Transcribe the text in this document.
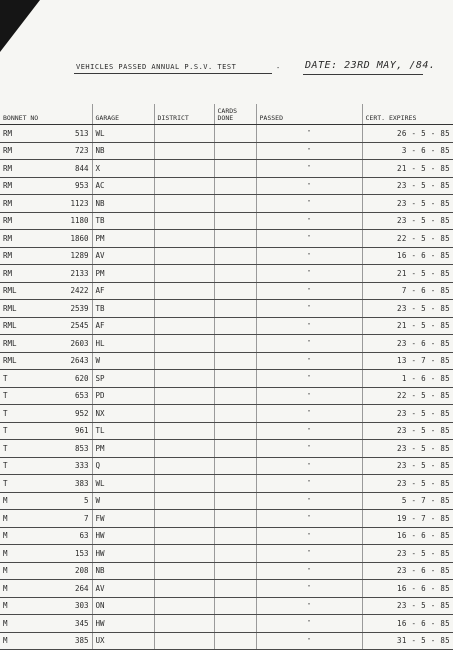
VEHICLES PASSED ANNUAL P.S.V. TEST	- DATE: 23RD MAY, /84.
BONNET NO	GARAGE	DISTRICT	CARDS DONE	PASSED	CERT. EXPIRES

RM 513	WL			"	26 - 5 - 85

RM 723	NB			"	3 - 6 - 85

RM 844	X			"	21 - 5 - 85

RM 953	AC			"	23 - 5 - 85

RM 1123	NB			"	23 - 5 - 85

RM 1180	TB			"	23 - 5 - 85

RM 1860	PM			"	22 - 5 - 85

RM 1289	AV			"	16 - 6 - 85

RM 2133	PM			"	21 - 5 - 85

RML 2422	AF			"	7 - 6 - 85

RML 2539	TB			"	23 - 5 - 85

RML 2545	AF			"	21 - 5 - 85

RML 2603	HL			"	23 - 6 - 85

RML 2643	W			"	13 - 7 - 85

T 620	SP			"	1 - 6 - 85

T 653	PD			"	22 - 5 - 85

T 952	NX			"	23 - 5 - 85

T 961	TL			"	23 - 5 - 85

T 853	PM			"	23 - 5 - 85

T 333	Q			"	23 - 5 - 85

T 383	WL			"	23 - 5 - 85

M 5	W			"	5 - 7 - 85

M 7	FW			"	19 - 7 - 85

M 63	HW			"	16 - 6 - 85

M 153	HW			"	23 - 5 - 85

M 208	NB			"	23 - 6 - 85

M 264	AV			"	16 - 6 - 85

M 303	ON			"	23 - 5 - 85

M 345	HW			"	16 - 6 - 85

M 385	UX			"	31 - 5 - 85
